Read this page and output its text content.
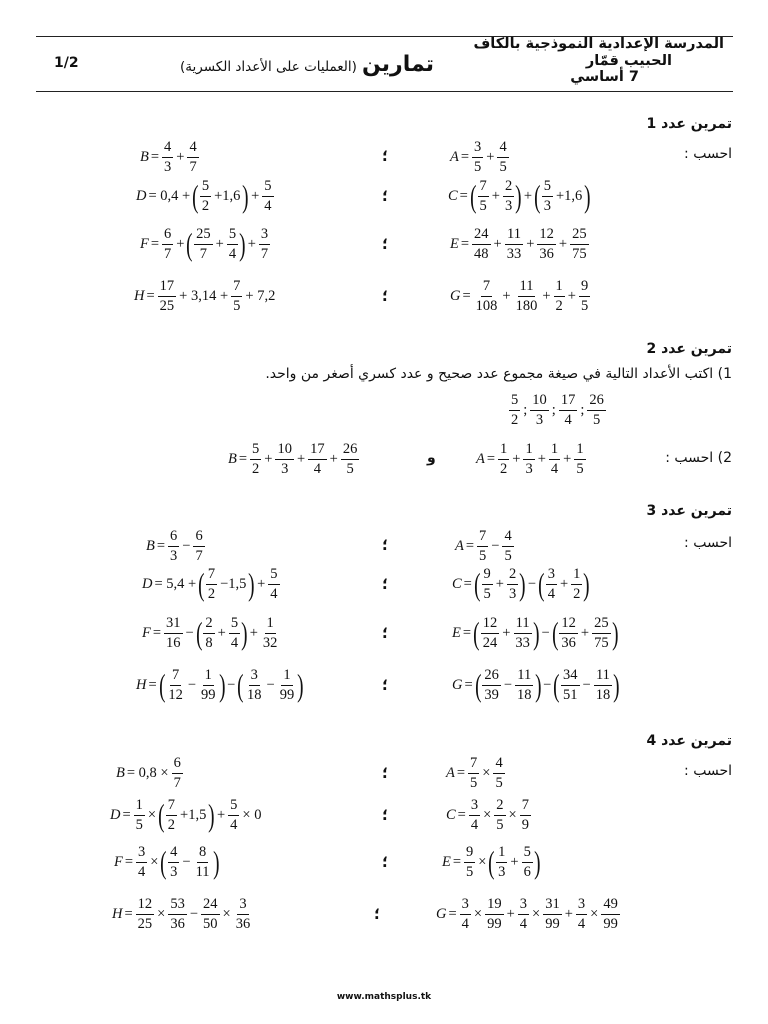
المدرسة الإعدادية النموذجية بالكاف
الحبيب قمّار
7 أساسي
تمارين (العمليات على الأعداد الكسرية)
1/2
تمرين عدد 1
احسب :
$A = \frac{3}{5} + \frac{4}{5}$
؛
$B = \frac{4}{3} + \frac{4}{7}$
C = ( $\frac{7}{5} + \frac{2}{3}$ ) + ( $\frac{5}{3} +1,6$ )
؛
D = 0,4 + ( $\frac{5}{2} +1,6$ ) + $\frac{5}{4}$
$E = \frac{24}{48} + \frac{11}{33} + \frac{12}{36} + \frac{25}{75}$
؛
$F = \frac{6}{7}$ + ( $\frac{25}{7} + \frac{5}{4}$ ) + $\frac{3}{7}$
$G = \frac{7}{108} + \frac{11}{180} + \frac{1}{2} + \frac{9}{5}$
؛
$H = \frac{17}{25} + 3,14 + \frac{7}{5} + 7,2$
تمرين عدد 2
1) اكتب الأعداد التالية في صيغة مجموع عدد صحيح و عدد كسري أصغر من واحد.
$\frac{5}{2}$ ; $\frac{10}{3}$ ; $\frac{17}{4}$ ; $\frac{26}{5}$
2) احسب :
$A = \frac{1}{2} + \frac{1}{3} + \frac{1}{4} + \frac{1}{5}$
و
$B = \frac{5}{2} + \frac{10}{3} + \frac{17}{4} + \frac{26}{5}$
تمرين عدد 3
احسب :
$A = \frac{7}{5} - \frac{4}{5}$
؛
$B = \frac{6}{3} - \frac{6}{7}$
C = ( $\frac{9}{5} + \frac{2}{3}$ ) − ( $\frac{3}{4} + \frac{1}{2}$ )
؛
D = 5,4 + ( $\frac{7}{2} -1,5$ ) + $\frac{5}{4}$
E = ( $\frac{12}{24} + \frac{11}{33}$ ) − ( $\frac{12}{36} + \frac{25}{75}$ )
؛
$F = \frac{31}{16}$ − ( $\frac{2}{8} + \frac{5}{4}$ ) + $\frac{1}{32}$
G = ( $\frac{26}{39} - \frac{11}{18}$ ) − ( $\frac{34}{51} - \frac{11}{18}$ )
؛
H = ( $\frac{7}{12} - \frac{1}{99}$ ) − ( $\frac{3}{18} - \frac{1}{99}$ )
تمرين عدد 4
احسب :
$A = \frac{7}{5} \times \frac{4}{5}$
؛
$B = 0,8 \times \frac{6}{7}$
$C = \frac{3}{4} \times \frac{2}{5} \times \frac{7}{9}$
؛
$D = \frac{1}{5}$ × ( $\frac{7}{2} +1,5$ ) + $\frac{5}{4} \times 0$
$E = \frac{9}{5}$ × ( $\frac{1}{3} + \frac{5}{6}$ )
؛
$F = \frac{3}{4}$ × ( $\frac{4}{3} - \frac{8}{11}$ )
$G = \frac{3}{4} \times \frac{19}{99} + \frac{3}{4} \times \frac{31}{99} + \frac{3}{4} \times \frac{49}{99}$
؛
$H = \frac{12}{25} \times \frac{53}{36} - \frac{24}{50} \times \frac{3}{36}$
www.mathsplus.tk
